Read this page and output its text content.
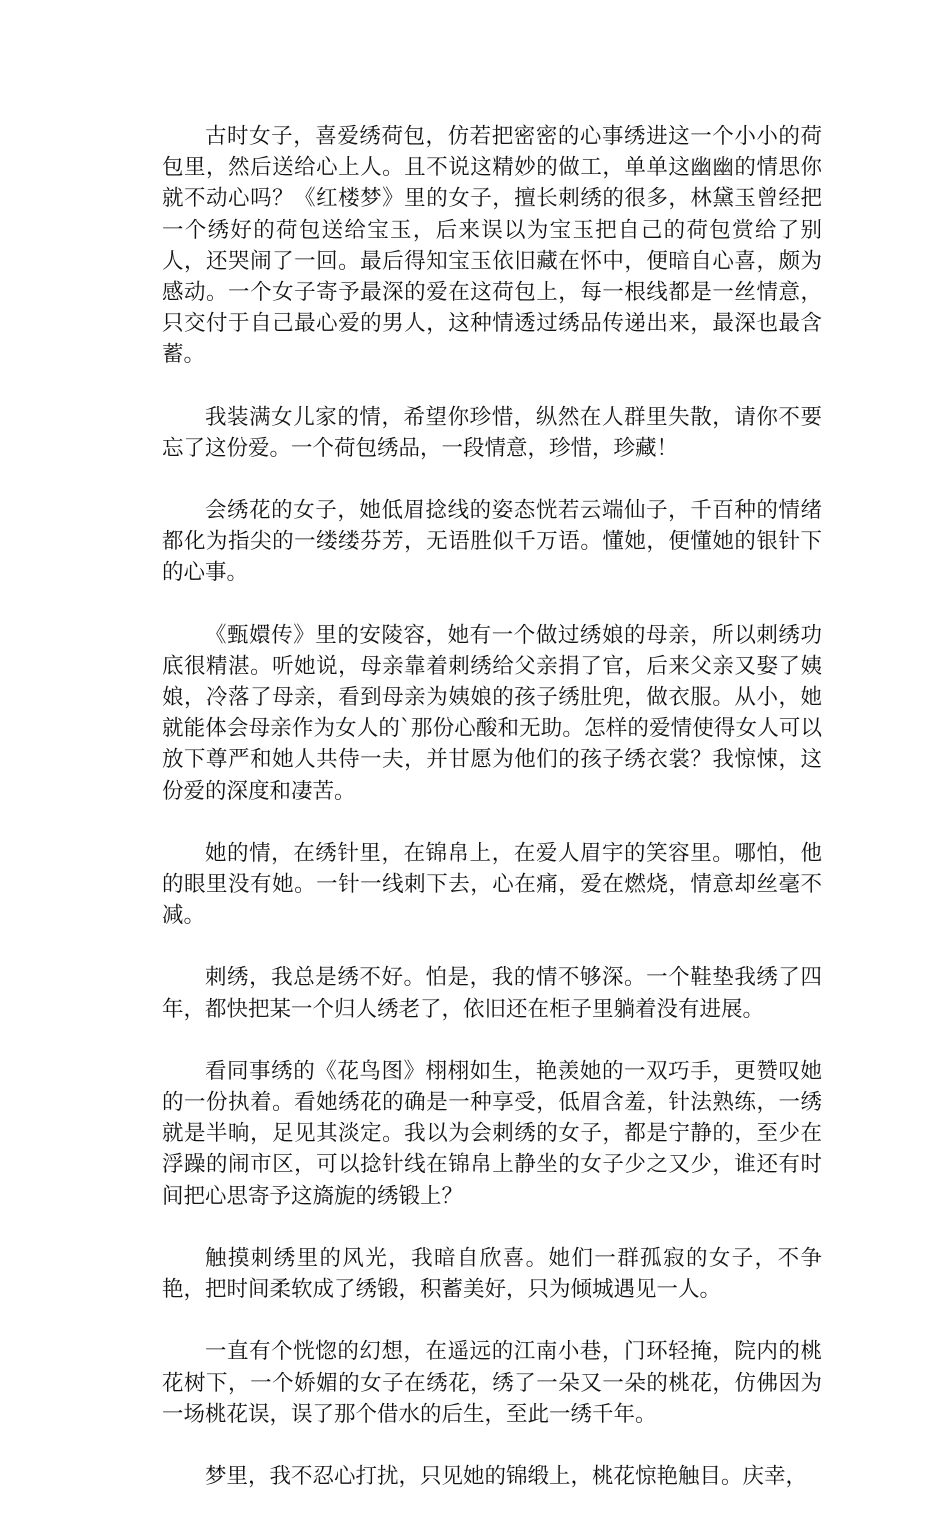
古时女子，喜爱绣荷包，仿若把密密的心事绣进这一个小小的荷包里，然后送给心上人。且不说这精妙的做工，单单这幽幽的情思你就不动心吗？《红楼梦》里的女子，擅长刺绣的很多，林黛玉曾经把一个绣好的荷包送给宝玉，后来误以为宝玉把自己的荷包赏给了别人，还哭闹了一回。最后得知宝玉依旧藏在怀中，便暗自心喜，颇为感动。一个女子寄予最深的爱在这荷包上，每一根线都是一丝情意，只交付于自己最心爱的男人，这种情透过绣品传递出来，最深也最含蓄。

我装满女儿家的情，希望你珍惜，纵然在人群里失散，请你不要忘了这份爱。一个荷包绣品，一段情意，珍惜，珍藏！

会绣花的女子，她低眉捻线的姿态恍若云端仙子，千百种的情绪都化为指尖的一缕缕芬芳，无语胜似千万语。懂她，便懂她的银针下的心事。

《甄嬛传》里的安陵容，她有一个做过绣娘的母亲，所以刺绣功底很精湛。听她说，母亲靠着刺绣给父亲捐了官，后来父亲又娶了姨娘，冷落了母亲，看到母亲为姨娘的孩子绣肚兜，做衣服。从小，她就能体会母亲作为女人的`那份心酸和无助。怎样的爱情使得女人可以放下尊严和她人共侍一夫，并甘愿为他们的孩子绣衣裳？我惊悚，这份爱的深度和凄苦。

她的情，在绣针里，在锦帛上，在爱人眉宇的笑容里。哪怕，他的眼里没有她。一针一线刺下去，心在痛，爱在燃烧，情意却丝毫不减。

刺绣，我总是绣不好。怕是，我的情不够深。一个鞋垫我绣了四年，都快把某一个归人绣老了，依旧还在柜子里躺着没有进展。

看同事绣的《花鸟图》栩栩如生，艳羡她的一双巧手，更赞叹她的一份执着。看她绣花的确是一种享受，低眉含羞，针法熟练，一绣就是半晌，足见其淡定。我以为会刺绣的女子，都是宁静的，至少在浮躁的闹市区，可以捻针线在锦帛上静坐的女子少之又少，谁还有时间把心思寄予这旖旎的绣锻上？

触摸刺绣里的风光，我暗自欣喜。她们一群孤寂的女子，不争艳，把时间柔软成了绣锻，积蓄美好，只为倾城遇见一人。

一直有个恍惚的幻想，在遥远的江南小巷，门环轻掩，院内的桃花树下，一个娇媚的女子在绣花，绣了一朵又一朵的桃花，仿佛因为一场桃花误，误了那个借水的后生，至此一绣千年。

梦里，我不忍心打扰，只见她的锦缎上，桃花惊艳触目。庆幸，
